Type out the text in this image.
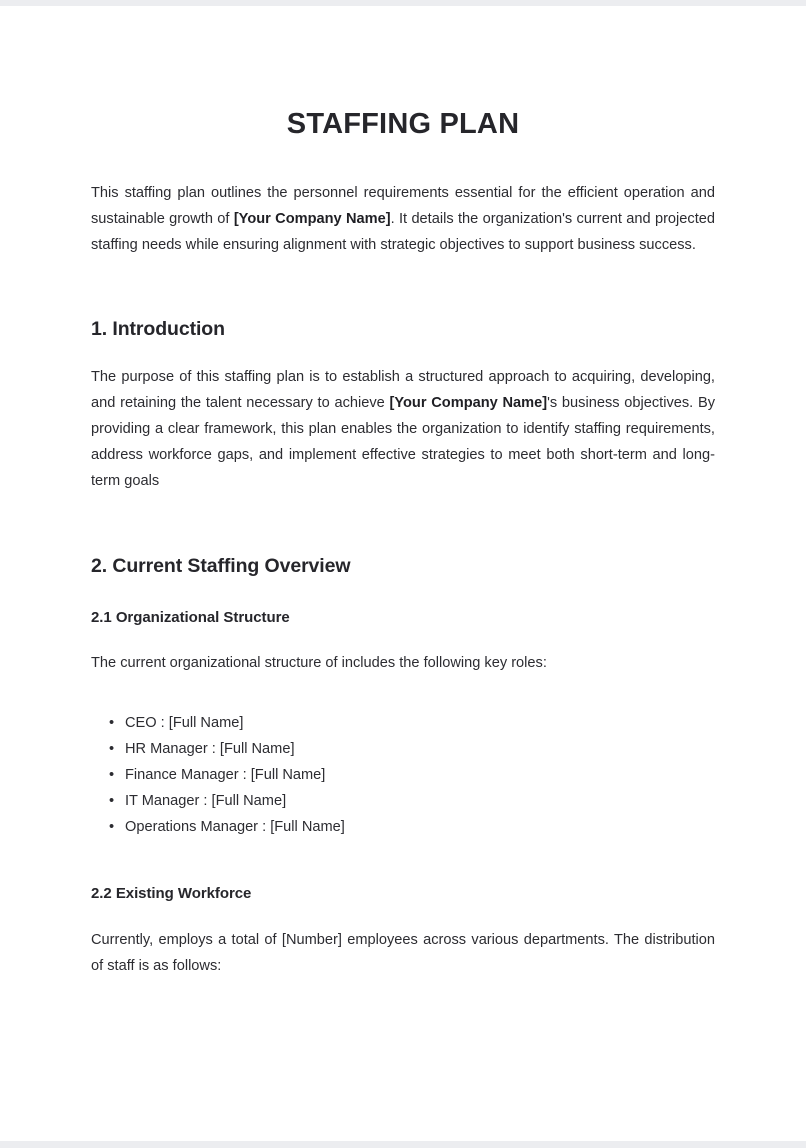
STAFFING PLAN

This staffing plan outlines the personnel requirements essential for the efficient operation and sustainable growth of [Your Company Name]. It details the organization's current and projected staffing needs while ensuring alignment with strategic objectives to support business success.

1. Introduction

The purpose of this staffing plan is to establish a structured approach to acquiring, developing, and retaining the talent necessary to achieve [Your Company Name]'s business objectives. By providing a clear framework, this plan enables the organization to identify staffing requirements, address workforce gaps, and implement effective strategies to meet both short-term and long-term goals

2. Current Staffing Overview
2.1 Organizational Structure

The current organizational structure of includes the following key roles:

• CEO : [Full Name]
• HR Manager : [Full Name]
• Finance Manager : [Full Name]
• IT Manager : [Full Name]
• Operations Manager : [Full Name]
2.2 Existing Workforce

Currently, employs a total of [Number] employees across various departments. The distribution of staff is as follows:
